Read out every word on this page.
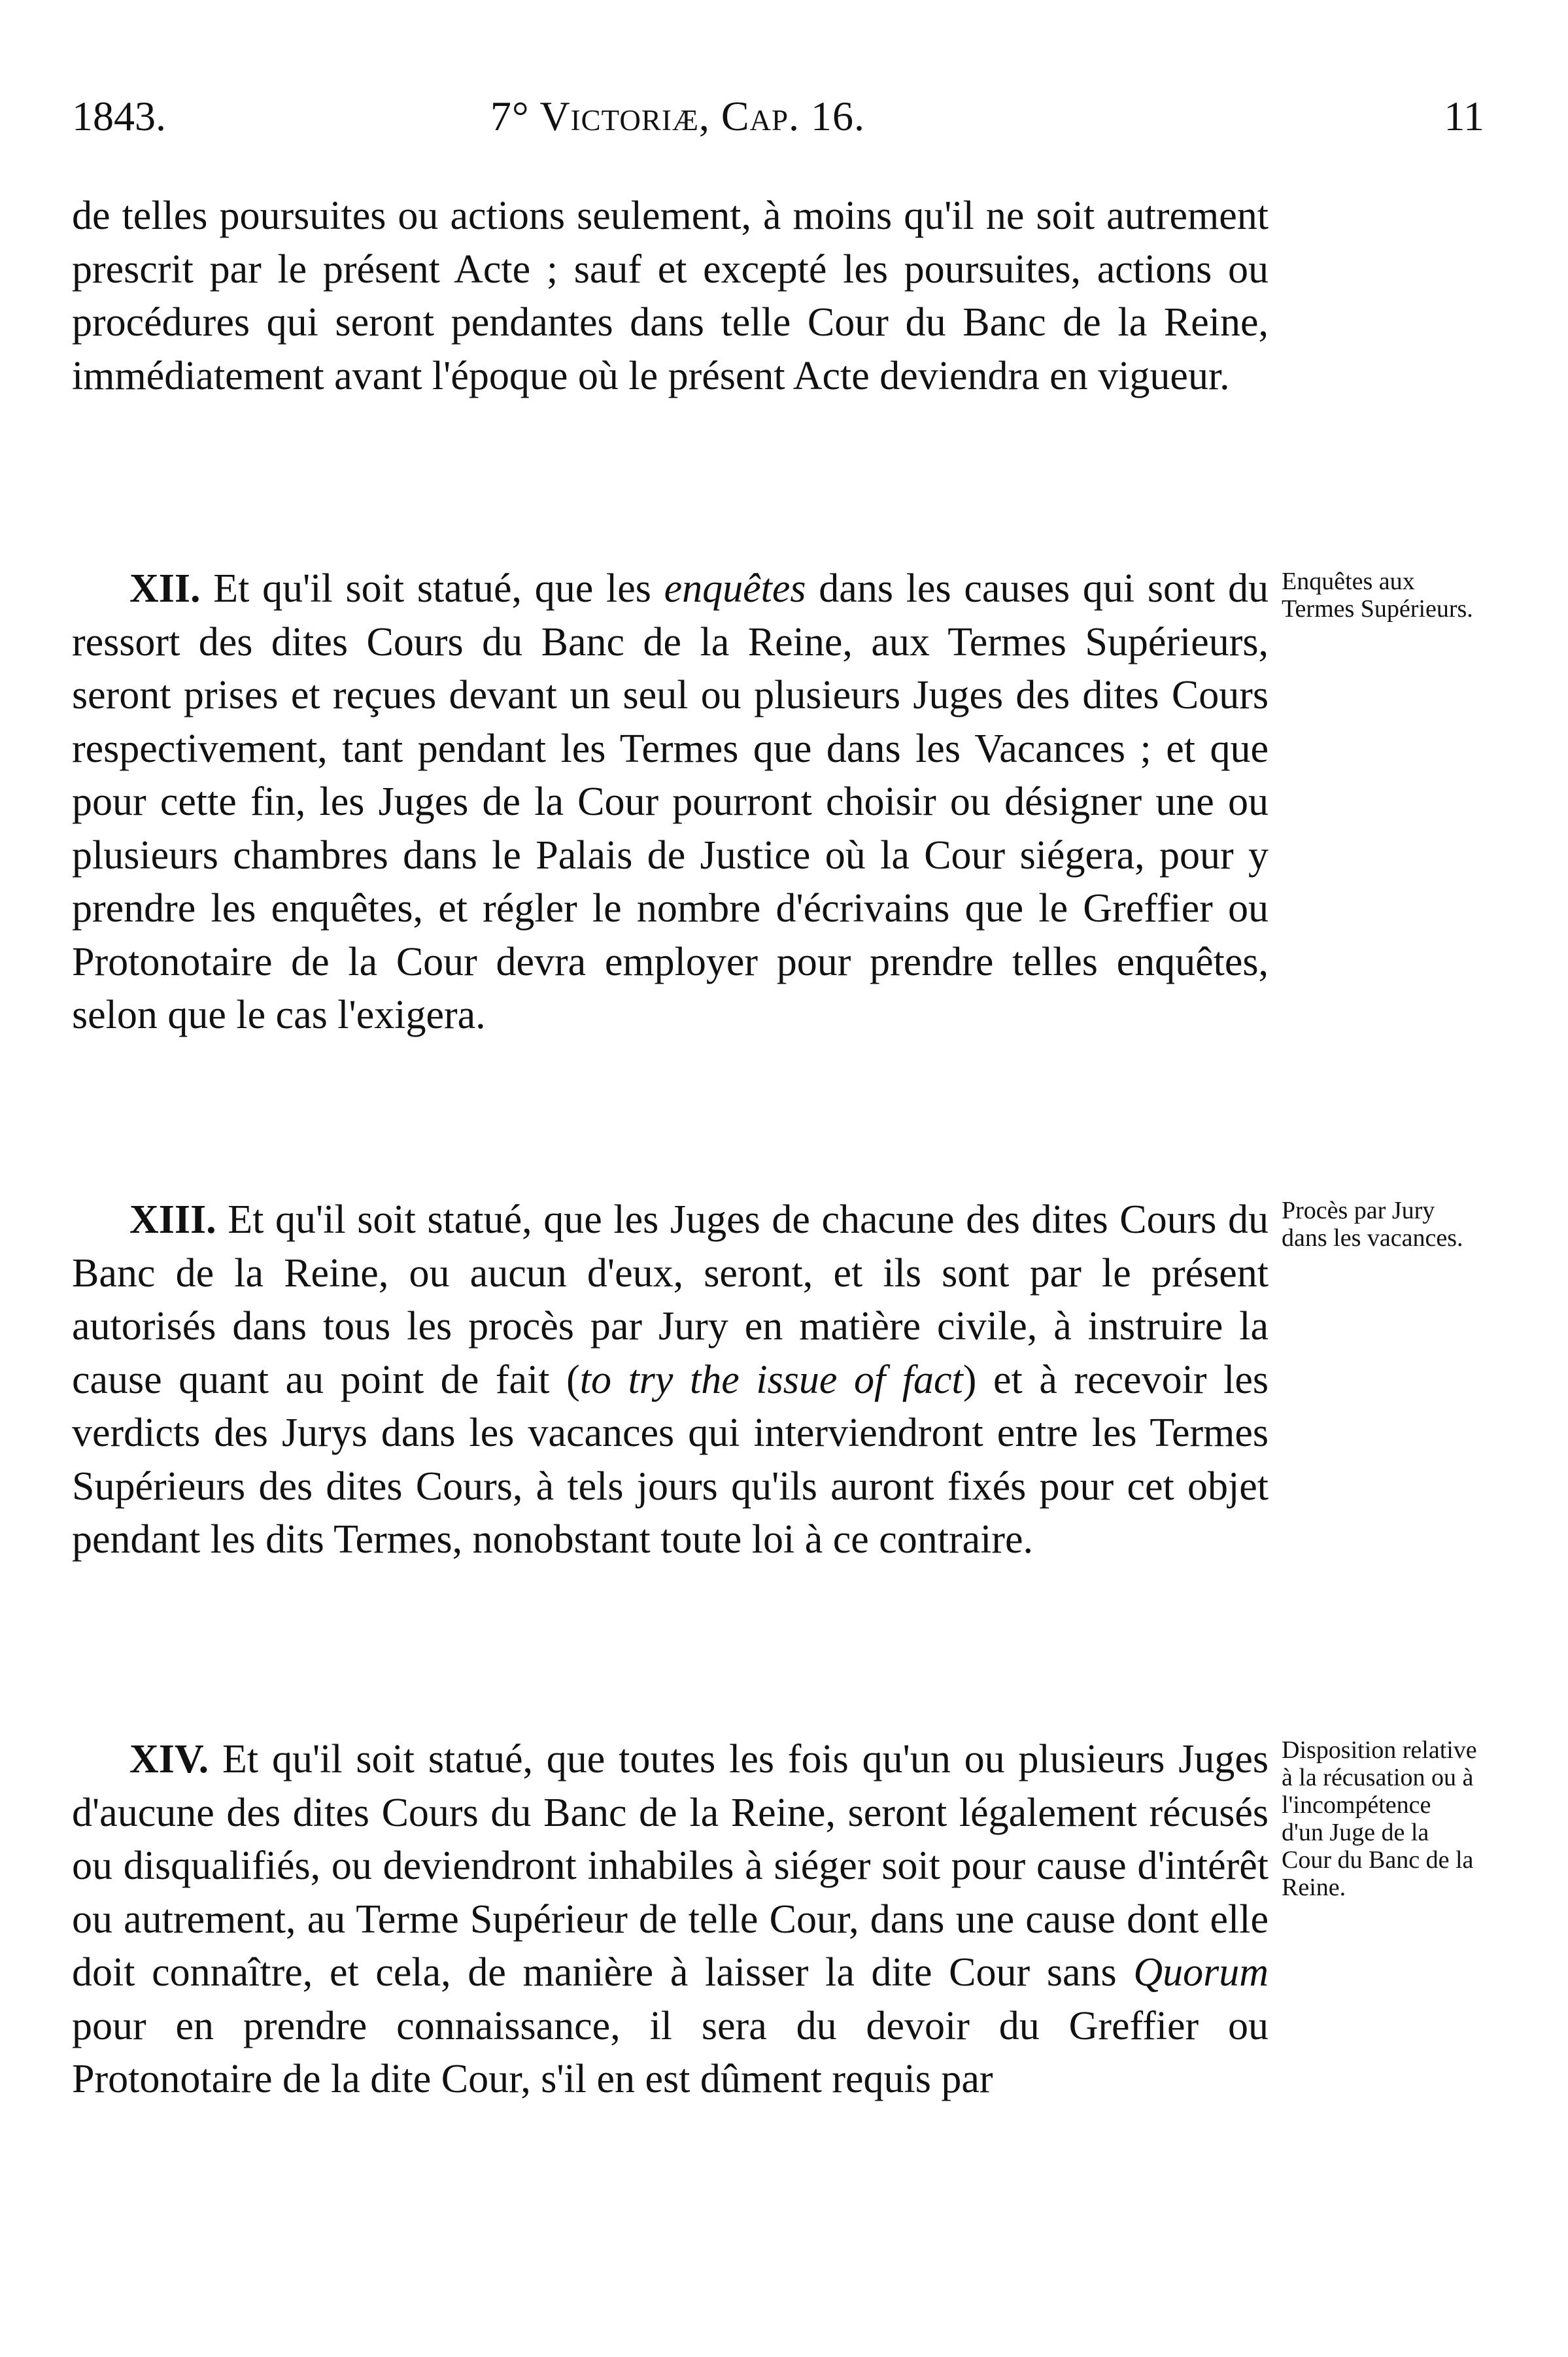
1843.	7° Victoriæ, Cap. 16.	11

de telles poursuites ou actions seulement, à moins qu'il ne soit autrement prescrit par le présent Acte ; sauf et excepté les poursuites, actions ou procédures qui seront pendantes dans telle Cour du Banc de la Reine, immédiatement avant l'époque où le présent Acte deviendra en vigueur.

XII. Et qu'il soit statué, que les enquêtes dans les causes qui sont du ressort des dites Cours du Banc de la Reine, aux Termes Supérieurs, seront prises et reçues devant un seul ou plusieurs Juges des dites Cours respectivement, tant pendant les Termes que dans les Vacances ; et que pour cette fin, les Juges de la Cour pourront choisir ou désigner une ou plusieurs chambres dans le Palais de Justice où la Cour siégera, pour y prendre les enquêtes, et régler le nombre d'écrivains que le Greffier ou Protonotaire de la Cour devra employer pour prendre telles enquêtes, selon que le cas l'exigera.

Enquêtes aux Termes Supérieurs.

XIII. Et qu'il soit statué, que les Juges de chacune des dites Cours du Banc de la Reine, ou aucun d'eux, seront, et ils sont par le présent autorisés dans tous les procès par Jury en matière civile, à instruire la cause quant au point de fait (to try the issue of fact) et à recevoir les verdicts des Jurys dans les vacances qui interviendront entre les Termes Supérieurs des dites Cours, à tels jours qu'ils auront fixés pour cet objet pendant les dits Termes, nonobstant toute loi à ce contraire.

Procès par Jury dans les vacances.

XIV. Et qu'il soit statué, que toutes les fois qu'un ou plusieurs Juges d'aucune des dites Cours du Banc de la Reine, seront légalement récusés ou disqualifiés, ou deviendront inhabiles à siéger soit pour cause d'intérêt ou autrement, au Terme Supérieur de telle Cour, dans une cause dont elle doit connaître, et cela, de manière à laisser la dite Cour sans Quorum pour en prendre connaissance, il sera du devoir du Greffier ou Protonotaire de la dite Cour, s'il en est dûment requis par

Disposition relative à la récusation ou à l'incompétence d'un Juge de la Cour du Banc de la Reine.
